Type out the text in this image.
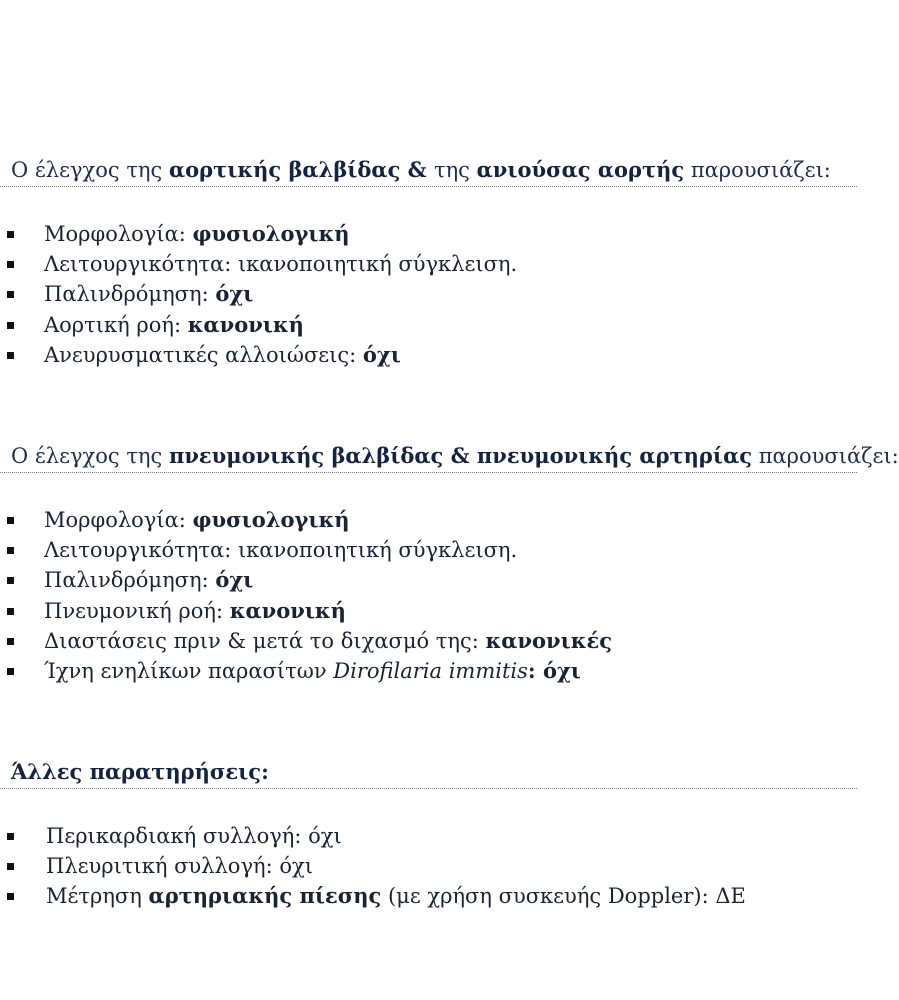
Ο έλεγχος της αορτικής βαλβίδας & της ανιούσας αορτής παρουσιάζει:
Μορφολογία: φυσιολογική
Λειτουργικότητα: ικανοποιητική σύγκλειση.
Παλινδρόμηση: όχι
Αορτική ροή: κανονική
Ανευρυσματικές αλλοιώσεις: όχι
Ο έλεγχος της πνευμονικής βαλβίδας & πνευμονικής αρτηρίας παρουσιάζει:
Μορφολογία: φυσιολογική
Λειτουργικότητα: ικανοποιητική σύγκλειση.
Παλινδρόμηση: όχι
Πνευμονική ροή: κανονική
Διαστάσεις πριν & μετά το διχασμό της: κανονικές
Ίχνη ενηλίκων παρασίτων Dirofilaria immitis: όχι
Άλλες παρατηρήσεις:
Περικαρδιακή συλλογή: όχι
Πλευριτική συλλογή: όχι
Μέτρηση αρτηριακής πίεσης (με χρήση συσκευής Doppler): ΔΕ
